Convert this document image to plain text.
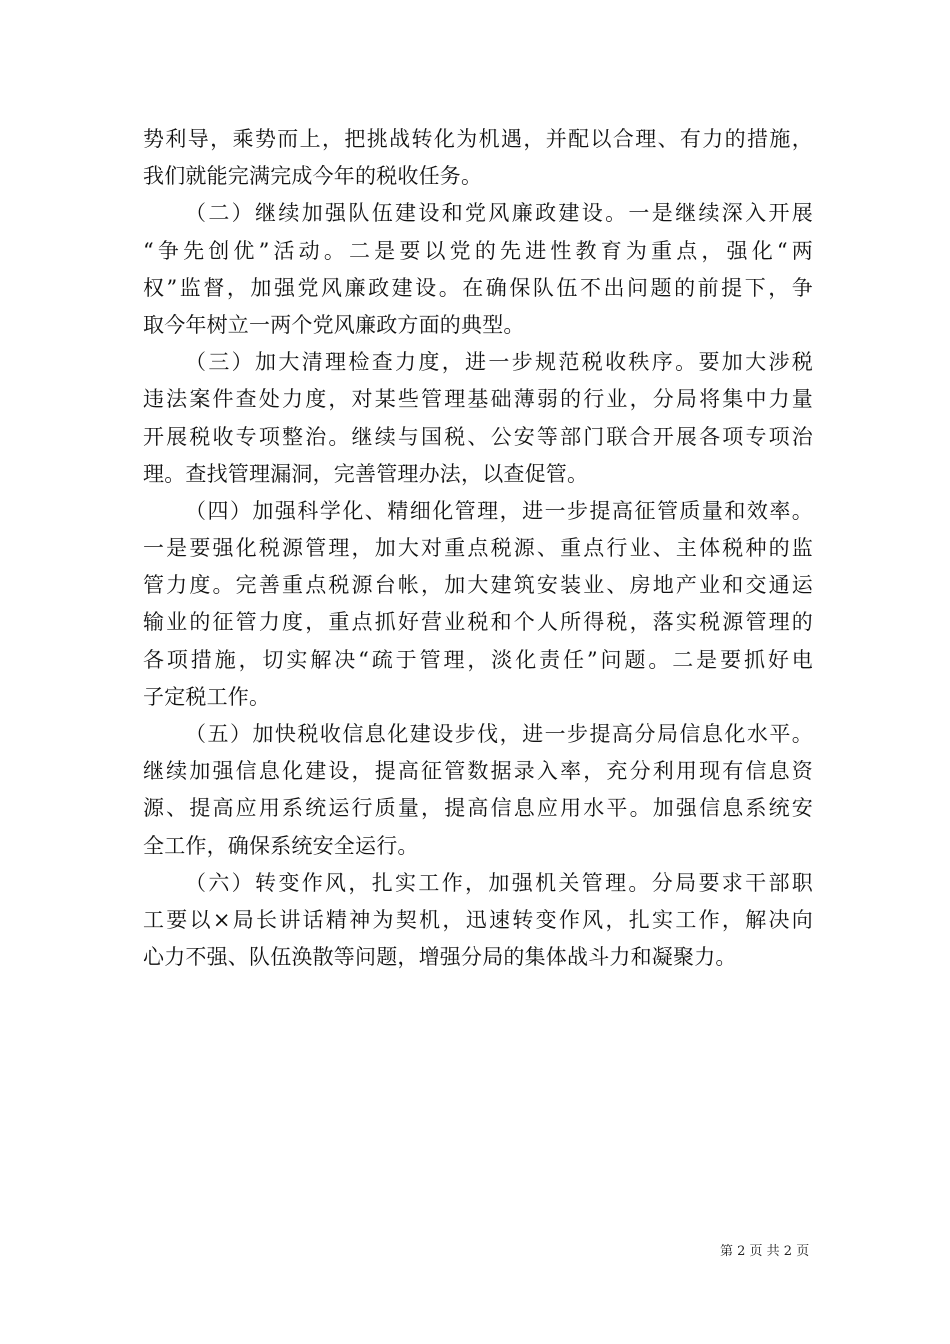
势利导，乘势而上，把挑战转化为机遇，并配以合理、有力的措施，
我们就能完满完成今年的税收任务。
（二）继续加强队伍建设和党风廉政建设。一是继续深入开展
“争先创优”活动。二是要以党的先进性教育为重点，强化“两
权”监督，加强党风廉政建设。在确保队伍不出问题的前提下，争
取今年树立一两个党风廉政方面的典型。
（三）加大清理检查力度，进一步规范税收秩序。要加大涉税
违法案件查处力度，对某些管理基础薄弱的行业，分局将集中力量
开展税收专项整治。继续与国税、公安等部门联合开展各项专项治
理。查找管理漏洞，完善管理办法，以查促管。
（四）加强科学化、精细化管理，进一步提高征管质量和效率。
一是要强化税源管理，加大对重点税源、重点行业、主体税种的监
管力度。完善重点税源台帐，加大建筑安装业、房地产业和交通运
输业的征管力度，重点抓好营业税和个人所得税，落实税源管理的
各项措施，切实解决“疏于管理，淡化责任”问题。二是要抓好电
子定税工作。
（五）加快税收信息化建设步伐，进一步提高分局信息化水平。
继续加强信息化建设，提高征管数据录入率，充分利用现有信息资
源、提高应用系统运行质量，提高信息应用水平。加强信息系统安
全工作，确保系统安全运行。
（六）转变作风，扎实工作，加强机关管理。分局要求干部职
工要以×局长讲话精神为契机，迅速转变作风，扎实工作，解决向
心力不强、队伍涣散等问题，增强分局的集体战斗力和凝聚力。
第 2 页 共 2 页
